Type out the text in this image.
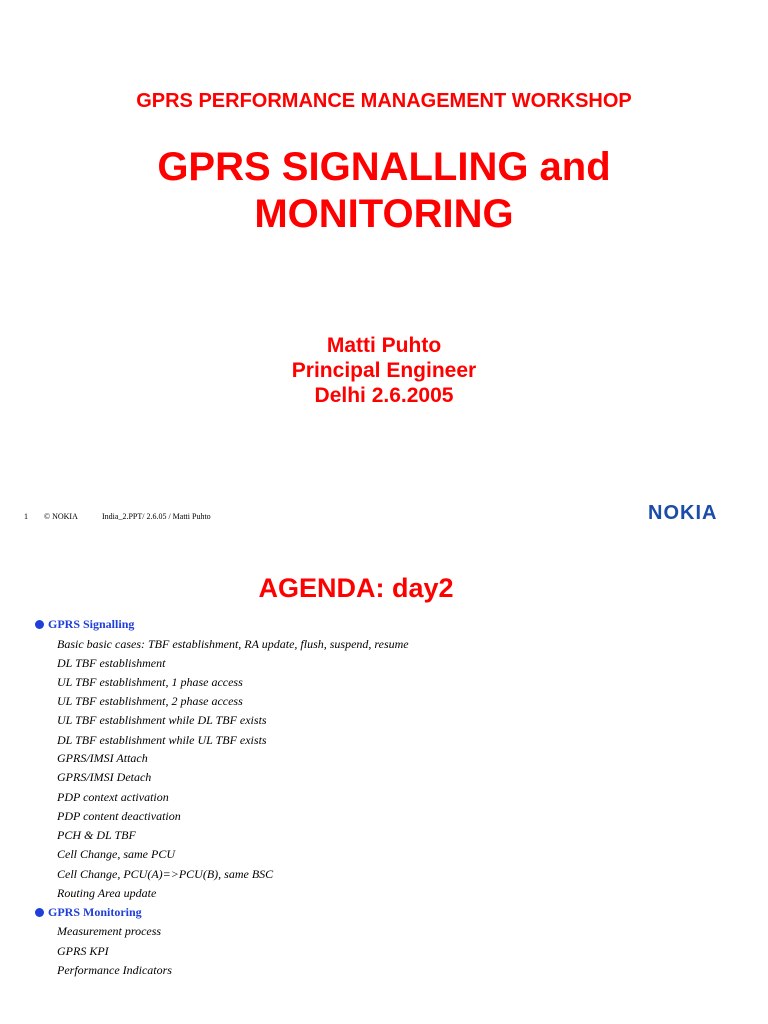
GPRS PERFORMANCE MANAGEMENT WORKSHOP
GPRS SIGNALLING and
MONITORING
Matti Puhto
Principal Engineer
Delhi 2.6.2005
1 © NOKIA	India_2.PPT/ 2.6.05 / Matti Puhto	NOKIA
AGENDA: day2
GPRS Signalling
Basic basic cases: TBF establishment, RA update, flush, suspend, resume
DL TBF establishment
UL TBF establishment, 1 phase access
UL TBF establishment, 2 phase access
UL TBF establishment while DL TBF exists
DL TBF establishment while UL TBF exists
GPRS/IMSI Attach
GPRS/IMSI Detach
PDP context activation
PDP content deactivation
PCH & DL TBF
Cell Change, same PCU
Cell Change, PCU(A)=>PCU(B), same BSC
Routing Area update
GPRS Monitoring
Measurement process
GPRS KPI
Performance Indicators
